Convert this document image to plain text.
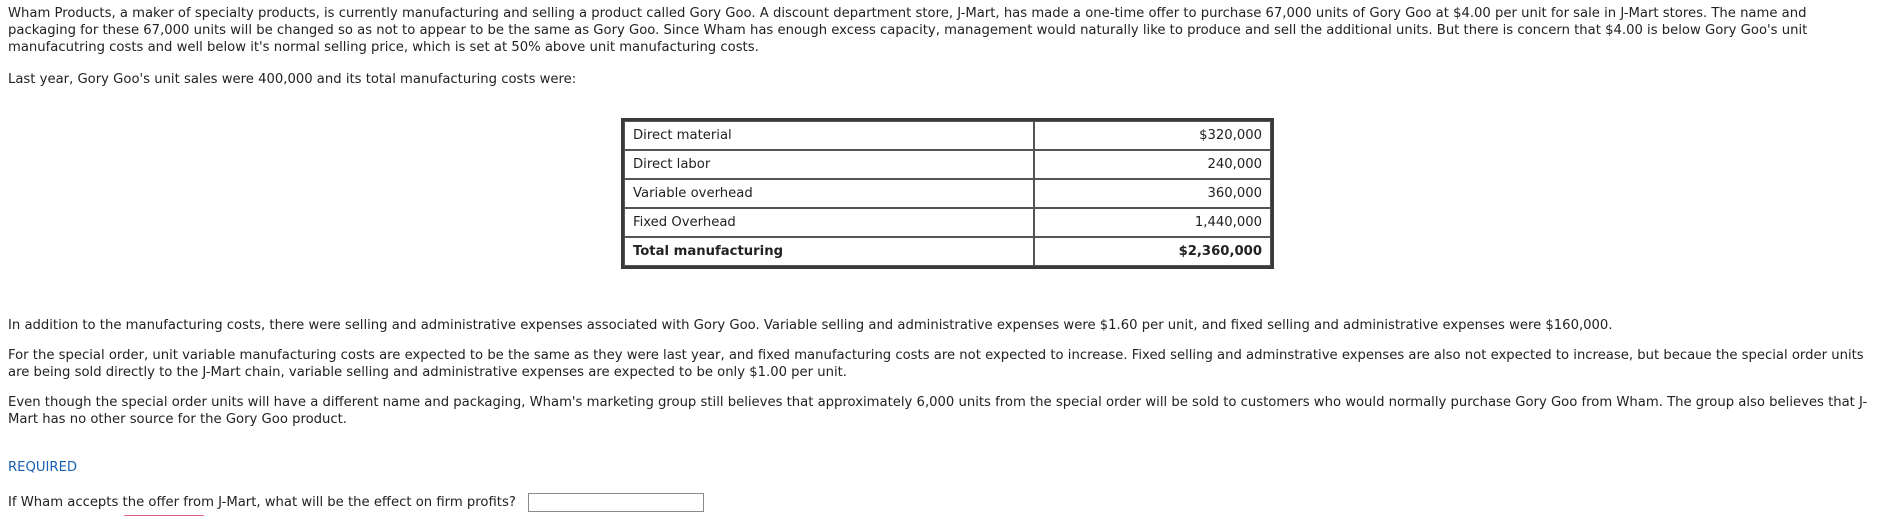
Wham Products, a maker of specialty products, is currently manufacturing and selling a product called Gory Goo. A discount department store, J-Mart, has made a one-time offer to purchase 67,000 units of Gory Goo at $4.00 per unit for sale in J-Mart stores. The name and packaging for these 67,000 units will be changed so as not to appear to be the same as Gory Goo. Since Wham has enough excess capacity, management would naturally like to produce and sell the additional units. But there is concern that $4.00 is below Gory Goo's unit manufacutring costs and well below it's normal selling price, which is set at 50% above unit manufacturing costs.

Last year, Gory Goo's unit sales were 400,000 and its total manufacturing costs were:

Direct material	$320,000
Direct labor	240,000
Variable overhead	360,000
Fixed Overhead	1,440,000
Total manufacturing	$2,360,000

In addition to the manufacturing costs, there were selling and administrative expenses associated with Gory Goo. Variable selling and administrative expenses were $1.60 per unit, and fixed selling and administrative expenses were $160,000.

For the special order, unit variable manufacturing costs are expected to be the same as they were last year, and fixed manufacturing costs are not expected to increase. Fixed selling and adminstrative expenses are also not expected to increase, but becaue the special order units are being sold directly to the J-Mart chain, variable selling and administrative expenses are expected to be only $1.00 per unit.

Even though the special order units will have a different name and packaging, Wham's marketing group still believes that approximately 6,000 units from the special order will be sold to customers who would normally purchase Gory Goo from Wham. The group also believes that J-Mart has no other source for the Gory Goo product.

REQUIRED

If Wham accepts the offer from J-Mart, what will be the effect on firm profits?
